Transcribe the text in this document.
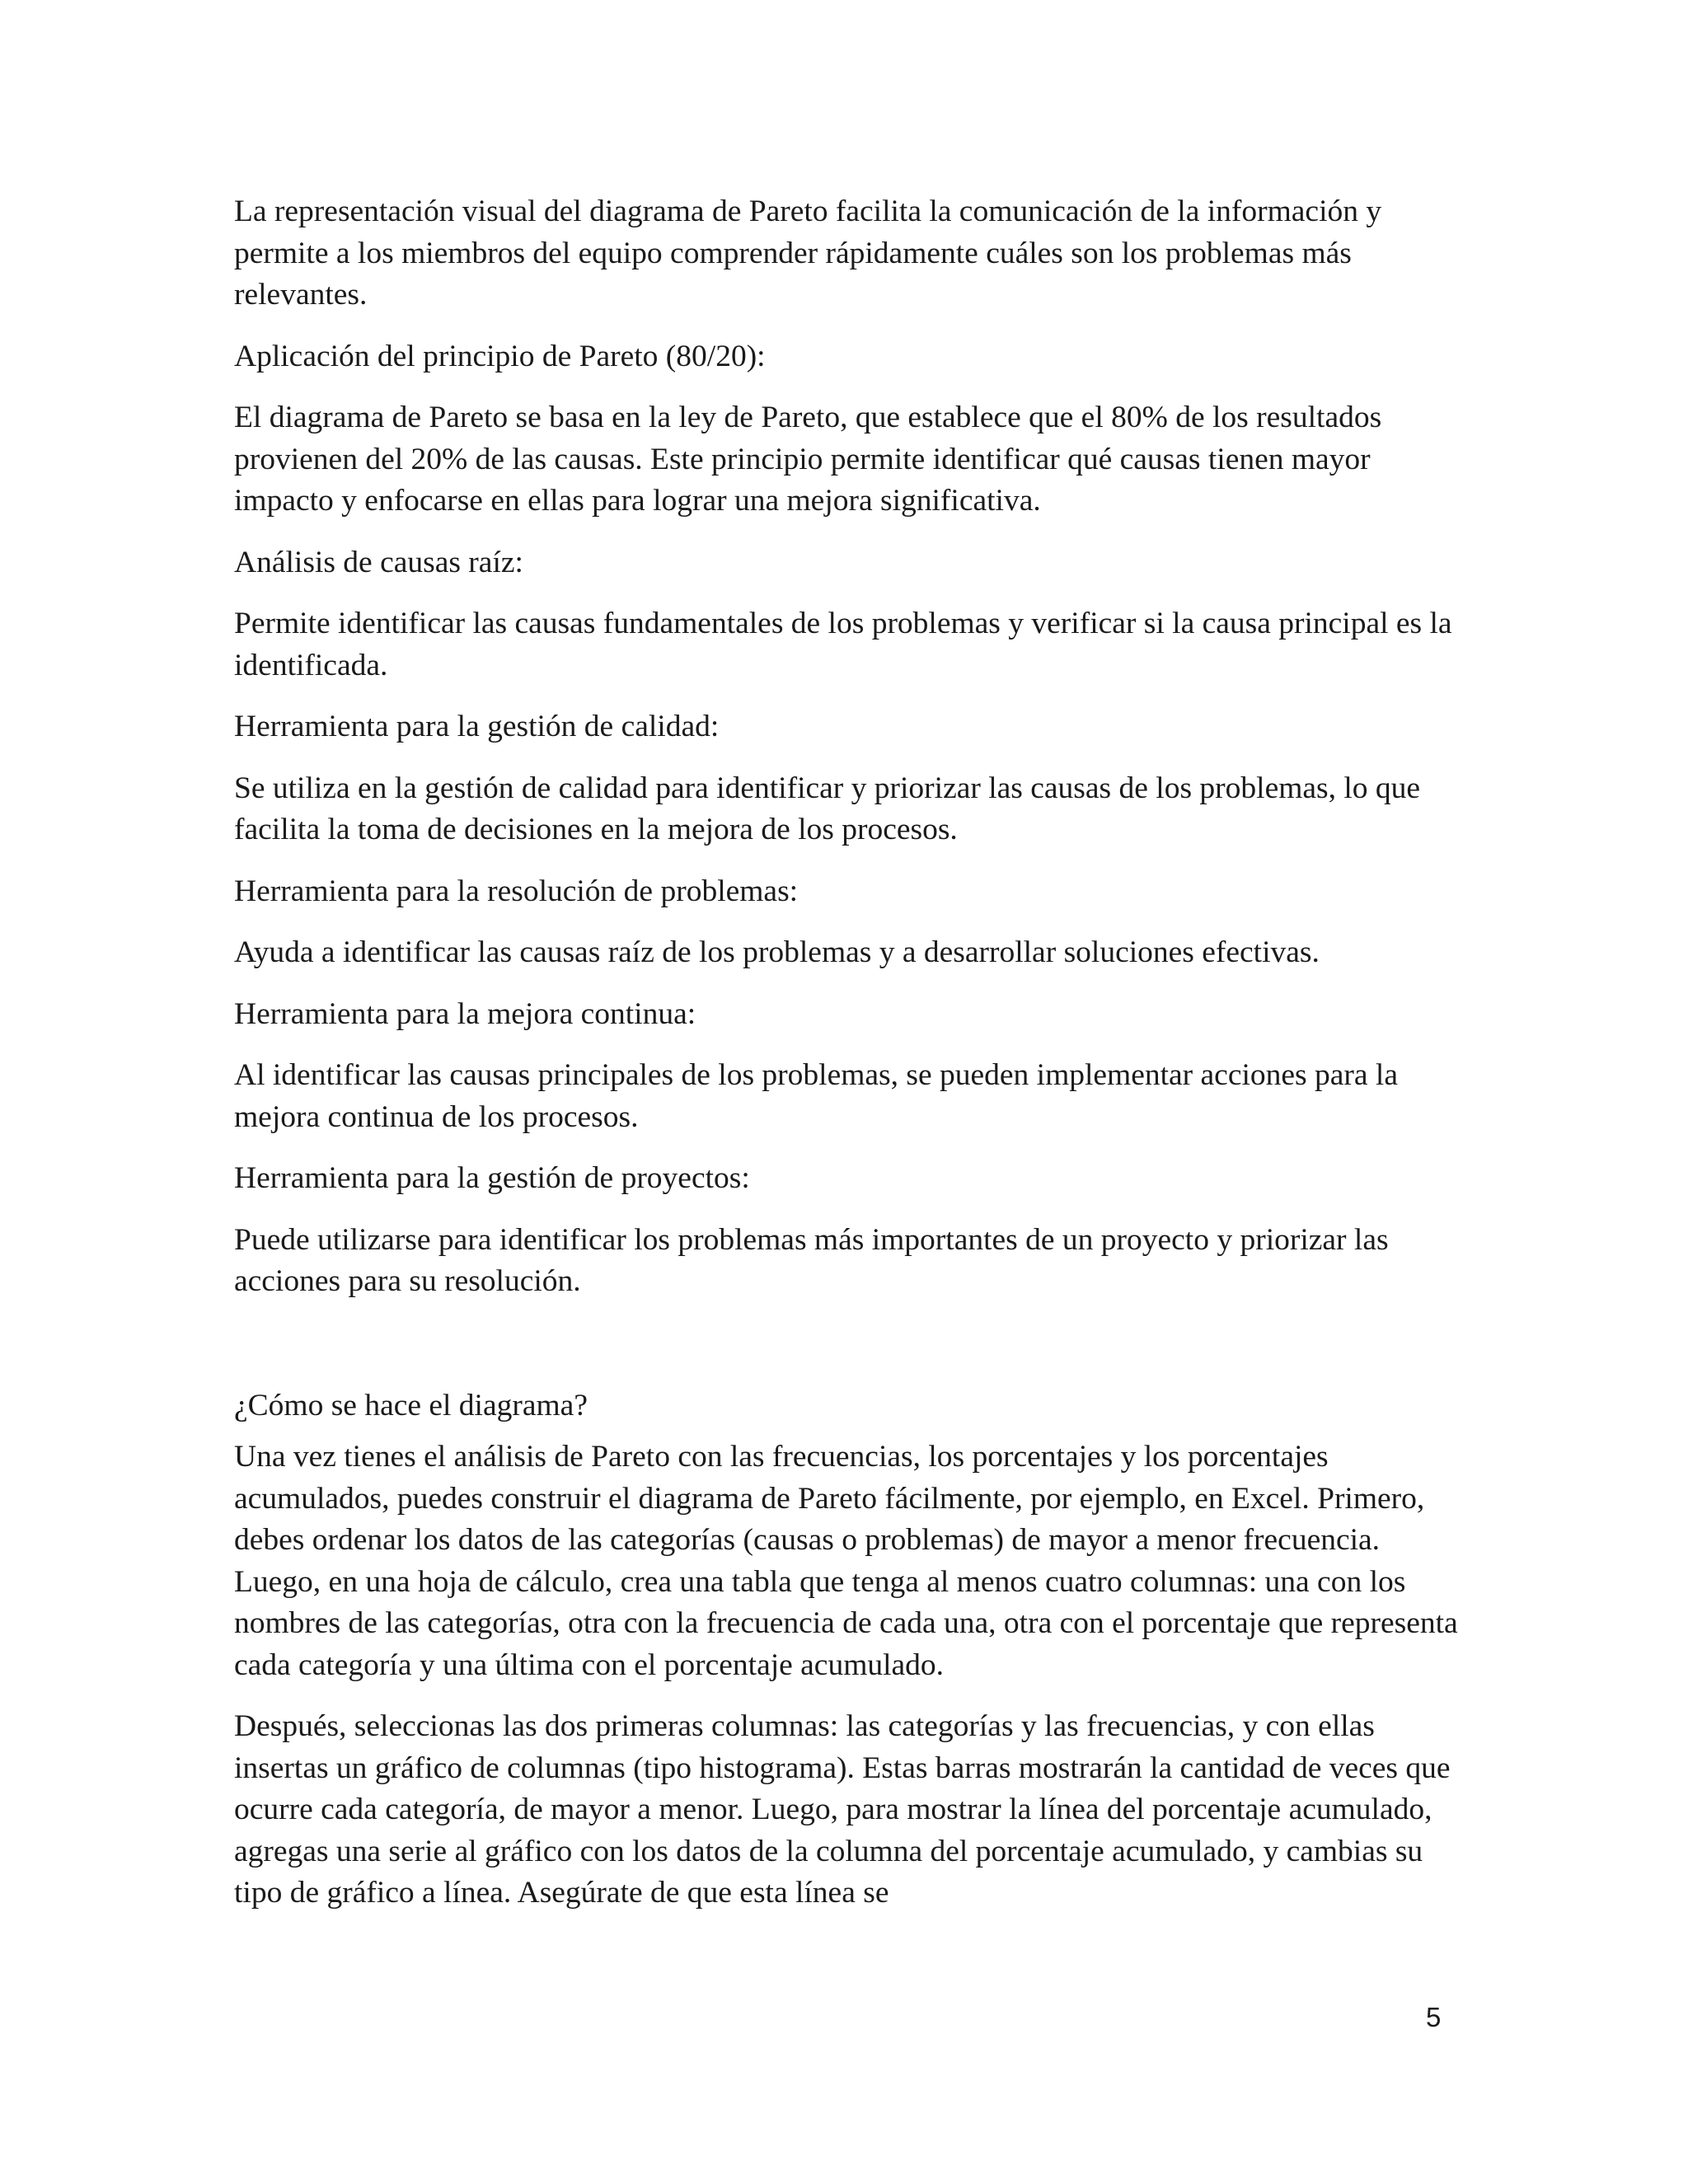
La representación visual del diagrama de Pareto facilita la comunicación de la información y permite a los miembros del equipo comprender rápidamente cuáles son los problemas más relevantes.

Aplicación del principio de Pareto (80/20):

El diagrama de Pareto se basa en la ley de Pareto, que establece que el 80% de los resultados provienen del 20% de las causas. Este principio permite identificar qué causas tienen mayor impacto y enfocarse en ellas para lograr una mejora significativa.

Análisis de causas raíz:

Permite identificar las causas fundamentales de los problemas y verificar si la causa principal es la identificada.

Herramienta para la gestión de calidad:

Se utiliza en la gestión de calidad para identificar y priorizar las causas de los problemas, lo que facilita la toma de decisiones en la mejora de los procesos.

Herramienta para la resolución de problemas:

Ayuda a identificar las causas raíz de los problemas y a desarrollar soluciones efectivas.

Herramienta para la mejora continua:

Al identificar las causas principales de los problemas, se pueden implementar acciones para la mejora continua de los procesos.

Herramienta para la gestión de proyectos:

Puede utilizarse para identificar los problemas más importantes de un proyecto y priorizar las acciones para su resolución.

¿Cómo se hace el diagrama?

Una vez tienes el análisis de Pareto con las frecuencias, los porcentajes y los porcentajes acumulados, puedes construir el diagrama de Pareto fácilmente, por ejemplo, en Excel. Primero, debes ordenar los datos de las categorías (causas o problemas) de mayor a menor frecuencia. Luego, en una hoja de cálculo, crea una tabla que tenga al menos cuatro columnas: una con los nombres de las categorías, otra con la frecuencia de cada una, otra con el porcentaje que representa cada categoría y una última con el porcentaje acumulado.

Después, seleccionas las dos primeras columnas: las categorías y las frecuencias, y con ellas insertas un gráfico de columnas (tipo histograma). Estas barras mostrarán la cantidad de veces que ocurre cada categoría, de mayor a menor. Luego, para mostrar la línea del porcentaje acumulado, agregas una serie al gráfico con los datos de la columna del porcentaje acumulado, y cambias su tipo de gráfico a línea. Asegúrate de que esta línea se

5
